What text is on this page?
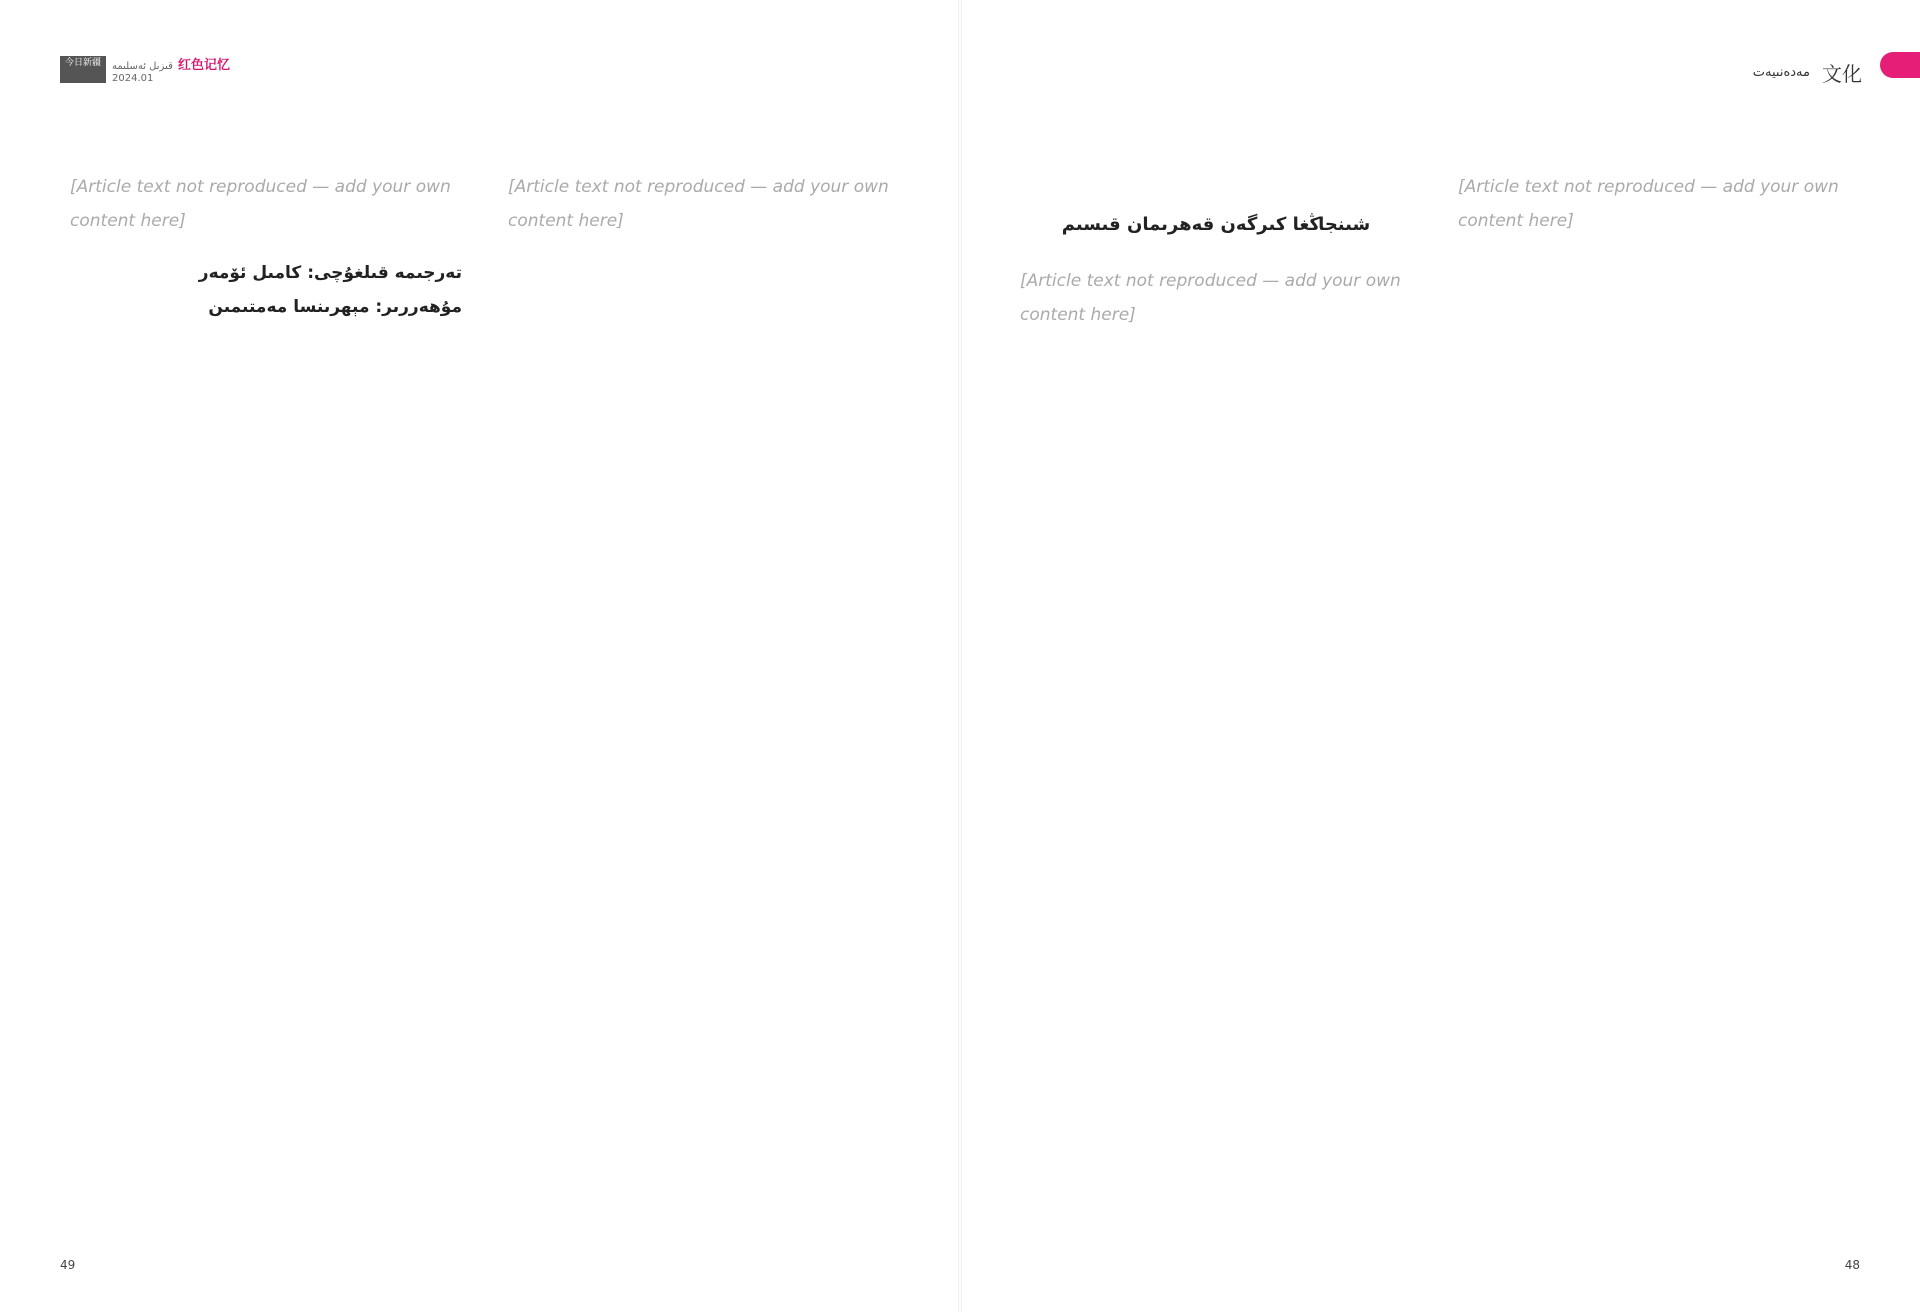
今日新疆	قىزىل ئەسلىمە 红色记忆
2024.01

[Article text not reproduced — add your own content here]

[Article text not reproduced — add your own content here]

تەرجىمە قىلغۇچى: كامىل ئۆمەر
مۇھەررىر: مېھرىنسا مەمتىمىن
49
مەدەنىيەت 文化

[Article text not reproduced — add your own content here]

شىنجاڭغا كىرگەن قەھرىمان قىسىم

[Article text not reproduced — add your own content here]

48
